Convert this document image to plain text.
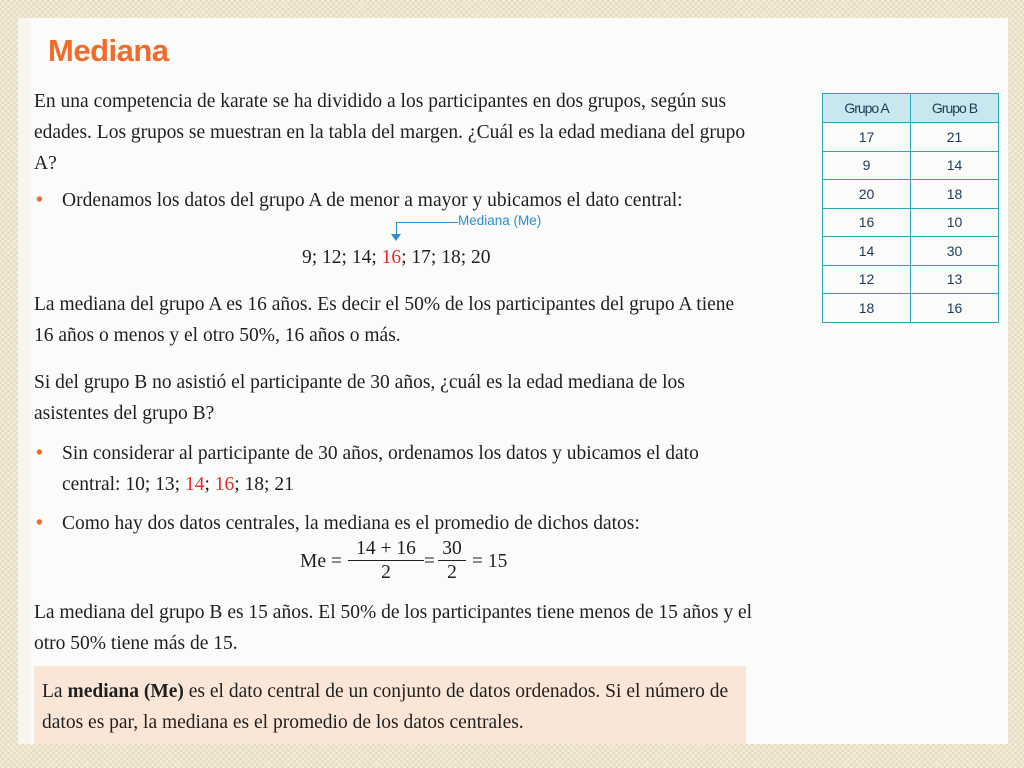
Mediana

En una competencia de karate se ha dividido a los participantes en dos grupos, según sus edades. Los grupos se muestran en la tabla del margen. ¿Cuál es la edad mediana del grupo A?

• Ordenamos los datos del grupo A de menor a mayor y ubicamos el dato central:
Mediana (Me)
9; 12; 14; 16; 17; 18; 20

La mediana del grupo A es 16 años. Es decir el 50% de los participantes del grupo A tiene 16 años o menos y el otro 50%, 16 años o más.

Si del grupo B no asistió el participante de 30 años, ¿cuál es la edad mediana de los asistentes del grupo B?

• Sin considerar al participante de 30 años, ordenamos los datos y ubicamos el dato central: 10; 13; 14; 16; 18; 21
• Como hay dos datos centrales, la mediana es el promedio de dichos datos:
$Me = \frac{14 + 16}{2} = \frac{30}{2} = 15$

La mediana del grupo B es 15 años. El 50% de los participantes tiene menos de 15 años y el otro 50% tiene más de 15.

La mediana (Me) es el dato central de un conjunto de datos ordenados. Si el número de datos es par, la mediana es el promedio de los datos centrales.

Grupo A	Grupo B
17	21
9	14
20	18
16	10
14	30
12	13
18	16
